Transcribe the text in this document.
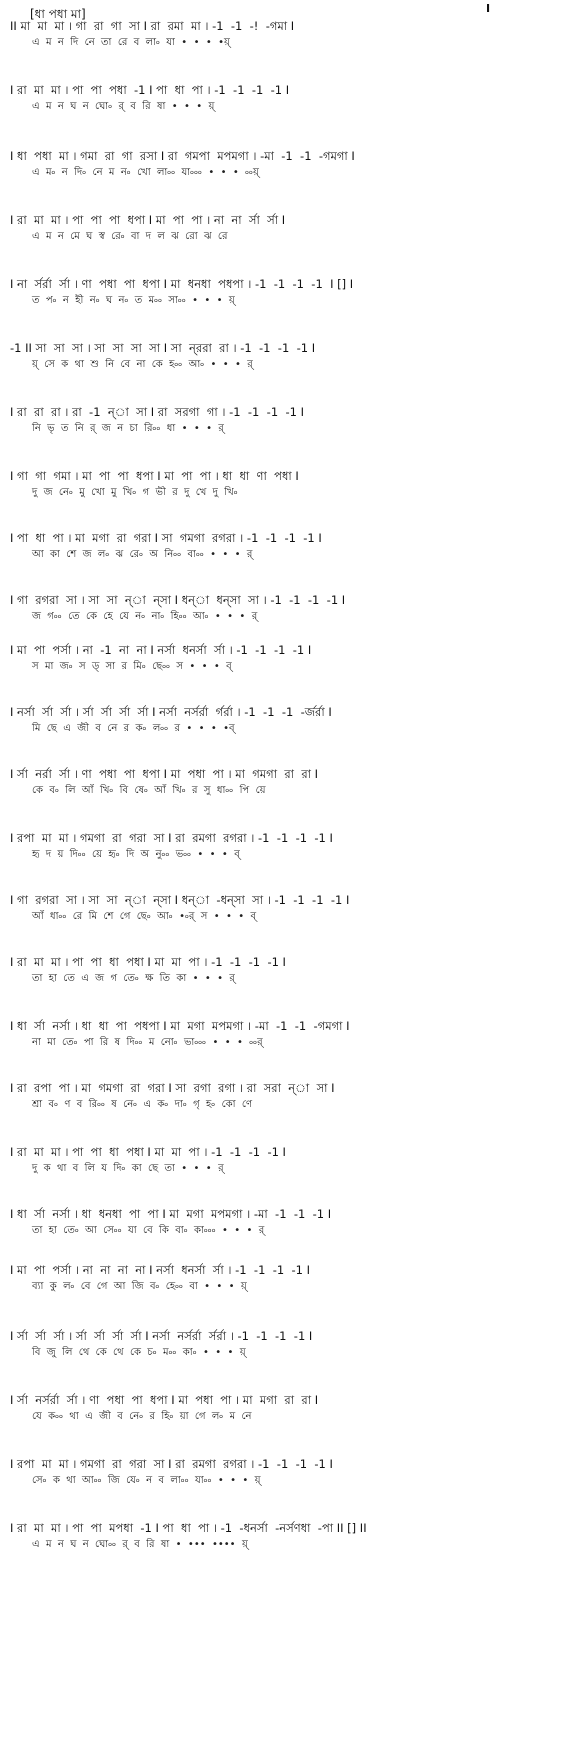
[ধা পধা মা]	I
II মা  মা  মা । গা  রা  গা  সা I রা  রমা  মা । -1  -1  -!  -গমা I
এ  ম  ন  দি  নে  তা  রে  ব  লা৹  যা  •  •  •  •য়্
I রা  মা  মা । পা  পা  পধা  -1 I পা  ধা  পা । -1  -1  -1  -1 I
এ  ম  ন  ঘ  ন  ঘো৹  র্  ব  রি  ষা  •  •  •  য়্
I ধা  পধা  মা । গমা  রা  গা  রসা I রা  গমপা  মপমগা । -মা  -1  -1  -গমগা I
এ  ম৹  ন  দি৹  নে  ম  ন৹  খো  লা৹৹  যা৹৹৹  •  •  •  ৹৹য়্
I রা  মা  মা । পা  পা  পা  ধপা I মা  পা  পা । না  না  র্সা  র্সা I
এ  ম  ন  মে  ঘ  স্ব  রে৹  বা  দ  ল  ঝ  রো  ঝ  রে
I না  র্সর্রা  র্সা । ণা  পধা  পা  ধপা I মা  ধনধা  পধপা । -1  -1  -1  -1  I [] I
ত  প৹  ন  হী  ন৹  ঘ  ন৹  ত  ম৹৹  সা৹৹  •  •  •  য়্
-1 II সা  সা  সা । সা  সা  সা  সা I সা  ন্‌ররা  রা । -1  -1  -1  -1 I
য়্  সে  ক  থা  শু  নি  বে  না  কে  হ৹৹  আ৹  •  •  •  র্
I রা  রা  রা । রা  -1  ন্‌া  সা I রা  সরগা  গা । -1  -1  -1  -1 I
নি  ভৃ  ত  নি  র্  জ  ন  চা  রি৹৹  ধা  •  •  •  র্
I গা  গা  গমা । মা  পা  পা  ধপা I মা  পা  পা । ধা  ধা  ণা  পধা I
দু  জ  নে৹  মু  খো  মু  খি৹  গ  ভী  র  দু  খে  দু  খি৹
I পা  ধা  পা । মা  মগা  রা  গরা I সা  গমগা  রগরা । -1  -1  -1  -1 I
আ  কা  শে  জ  ল৹  ঝ  রে৹  অ  নি৹৹  বা৹৹  •  •  •  র্
I গা  রগরা  সা । সা  সা  ন্‌া  ন্‌সা I ধন্‌া  ধন্‌সা  সা । -1  -1  -1  -1 I
জ  গ৹৹  তে  কে  হে  যে  ন৹  না৹  হি৹৹  আ৹  •  •  •  র্
I মা  পা  পর্সা । না  -1  না  না I নর্সা  ধনর্সা  র্সা । -1  -1  -1  -1 I
স  মা  জ৹  স  ড্  সা  র  মি৹  ছে৹৹  স  •  •  •  ব্
I নর্সা  র্সা  র্সা । র্সা  র্সা  র্সা  র্সা I নর্সা  নর্সর্রা  র্গর্রা । -1  -1  -1  -র্জর্রা I
মি  ছে  এ  জী  ব  নে  র  ক৹  ল৹৹  র  •  •  •  •ব্
I র্সা  নর্রা  র্সা । ণা  পধা  পা  ধপা I মা  পধা  পা । মা  গমগা  রা  রা I
কে  ব৹  লি  আঁ  খি৹  বি  ষে৹  আঁ  খি৹  র  সু  ধা৹৹  পি  য়ে
I রপা  মা  মা । গমগা  রা  গরা  সা I রা  রমগা  রগরা । -1  -1  -1  -1 I
হৃ  দ  য়  দি৹৹  য়ে  হৃ৹  দি  অ  নু৹৹  ভ৹৹  •  •  •  ব্
I গা  রগরা  সা । সা  সা  ন্‌া  ন্‌সা I ধন্‌া  -ধন্‌সা  সা । -1  -1  -1  -1 I
আঁ  ধা৹৹  রে  মি  শে  গে  ছে৹  আ৹  •৹র্  স  •  •  •  ব্
I রা  মা  মা । পা  পা  ধা  পধা I মা  মা  পা । -1  -1  -1  -1 I
তা  হা  তে  এ  জ  গ  তে৹  ক্ষ  তি  কা  •  •  •  র্
I ধা  র্সা  নর্সা । ধা  ধা  পা  পধপা I মা  মগা  মপমগা । -মা  -1  -1  -গমগা I
না  মা  তে৹  পা  রি  ষ  দি৹৹  ম  নো৹  ভা৹৹৹  •  •  •  ৹৹র্
I রা  রপা  পা । মা  গমগা  রা  গরা I সা  রগা  রগা । রা  সরা  ন্‌া  সা I
শ্রা  ব৹  ণ  ব  রি৹৹  ষ  নে৹  এ  ক৹  দা৹  গৃ  হ৹  কো  ণে
I রা  মা  মা । পা  পা  ধা  পধা I মা  মা  পা । -1  -1  -1  -1 I
দু  ক  থা  ব  লি  য  দি৹  কা  ছে  তা  •  •  •  র্
I ধা  র্সা  নর্সা । ধা  ধনধা  পা  পা I মা  মগা  মপমগা । -মা  -1  -1  -1 I
তা  হা  তে৹  আ  সে৹৹  যা  বে  কি  বা৹  কা৹৹৹  •  •  •  র্
I মা  পা  পর্সা । না  না  না  না I নর্সা  ধনর্সা  র্সা । -1  -1  -1  -1 I
ব্যা  কু  ল৹  বে  গে  আ  জি  ব৹  হে৹৹  বা  •  •  •  য়্
I র্সা  র্সা  র্সা । র্সা  র্সা  র্সা  র্সা I নর্সা  নর্সর্রা  র্সর্রা । -1  -1  -1  -1 I
বি  জু  লি  থে  কে  থে  কে  চ৹  ম৹৹  কা৹  •  •  •  য়্
I র্সা  নর্সর্রা  র্সা । ণা  পধা  পা  ধপা I মা  পধা  পা । মা  মগা  রা  রা I
যে  ক৹৹  থা  এ  জী  ব  নে৹  র  হি৹  য়া  গে  ল৹  ম  নে
I রপা  মা  মা । গমগা  রা  গরা  সা I রা  রমগা  রগরা । -1  -1  -1  -1 I
সে৹  ক  থা  আ৹৹  জি  যে৹  ন  ব  লা৹৹  যা৹৹  •  •  •  য়্
I রা  মা  মা । পা  পা  মপধা  -1 I পা  ধা  পা । -1  -ধনর্সা  -নর্সণধা  -পা II [] II
এ  ম  ন  ঘ  ন  ঘো৹৹  র্  ব  রি  ষা  •  •••  ••••  য়্
